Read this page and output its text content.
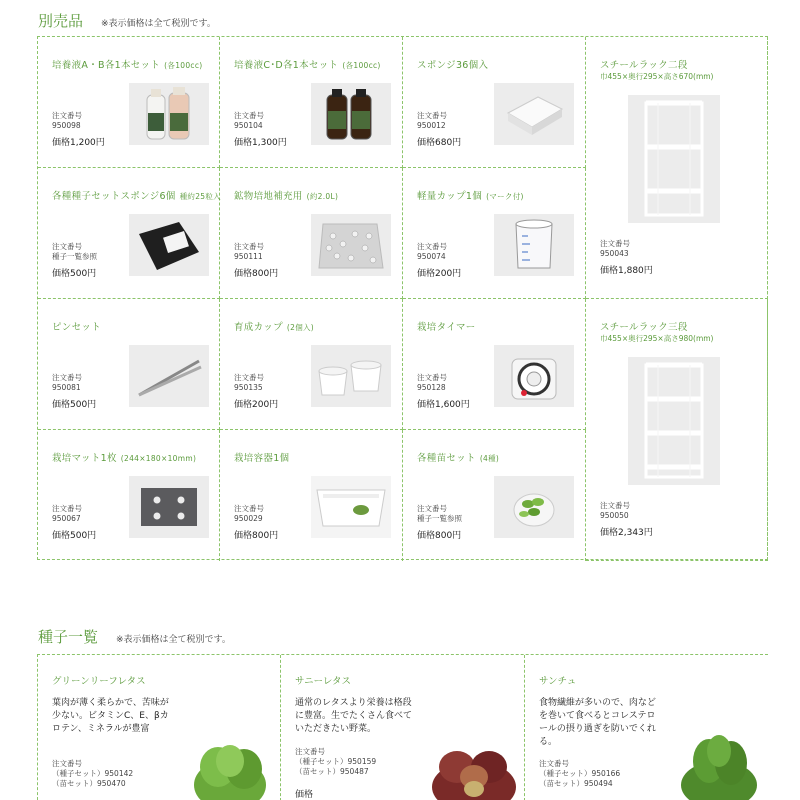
別売品 ※表示価格は全て税別です。
培養液A・B各1本セット (各100cc)
注文番号
950098
価格1,200円
培養液C･D各1本セット (各100cc)
注文番号
950104
価格1,300円
スポンジ36個入
注文番号
950012
価格680円
スチールラック二段
巾455×奥行295×高さ670(mm)
注文番号
950043
価格1,880円
各種種子セットスポンジ6個 種約25粒入
注文番号
種子一覧参照
価格500円
鉱物培地補充用 (約2.0L)
注文番号
950111
価格800円
軽量カップ1個 (マーク付)
注文番号
950074
価格200円
ピンセット
注文番号
950081
価格500円
育成カップ (2個入)
注文番号
950135
価格200円
栽培タイマー
注文番号
950128
価格1,600円
スチールラック三段
巾455×奥行295×高さ980(mm)
注文番号
950050
価格2,343円
栽培マット1枚 (244×180×10mm)
注文番号
950067
価格500円
栽培容器1個
注文番号
950029
価格800円
各種苗セット (4種)
注文番号
種子一覧参照
価格800円
種子一覧 ※表示価格は全て税別です。
グリーンリーフレタス
葉肉が薄く柔らかで、苦味が少ない。ビタミンC、E、βカロテン、ミネラルが豊富
注文番号
（種子セット）950142
（苗セット）950470
サニーレタス
通常のレタスより栄養は格段に豊富。生でたくさん食べていただきたい野菜。
注文番号
（種子セット）950159
（苗セット）950487
価格
サンチュ
食物繊維が多いので、肉などを巻いて食べるとコレステロールの摂り過ぎを防いでくれる。
注文番号
（種子セット）950166
（苗セット）950494
